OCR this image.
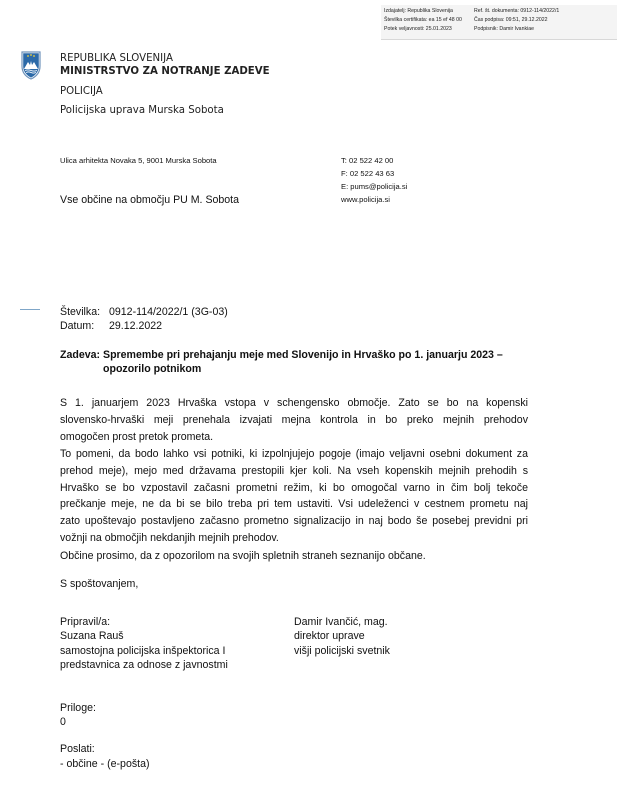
Izdajatelj: Republika Slovenija	Ref. št. dokumenta: 0912-114/2022/1
Številka certifikata: ea 15 ef 48 00 Čas podpisa: 09:51, 29.12.2022
Potek veljavnosti: 25.01.2023	Podpisnik: Damir Ivankiae
REPUBLIKA SLOVENIJA
MINISTRSTVO ZA NOTRANJE ZADEVE
POLICIJA
Policijska uprava Murska Sobota
Ulica arhitekta Novaka 5, 9001 Murska Sobota	T: 02 522 42 00
F: 02 522 43 63
E: pums@policija.si
www.policija.si
Vse občine na območju PU M. Sobota
Številka: 0912-114/2022/1 (3G-03)
Datum: 29.12.2022
Zadeva: Spremembe pri prehajanju meje med Slovenijo in Hrvaško po 1. januarju 2023 –
opozorilo potnikom
S 1. januarjem 2023 Hrvaška vstopa v schengensko območje. Zato se bo na kopenski
slovensko-hrvaški meji prenehala izvajati mejna kontrola in bo preko mejnih prehodov
omogočen prost pretok prometa.
To pomeni, da bodo lahko vsi potniki, ki izpolnjujejo pogoje (imajo veljavni osebni dokument za
prehod meje), mejo med državama prestopili kjer koli. Na vseh kopenskih mejnih prehodih s
Hrvaško se bo vzpostavil začasni prometni režim, ki bo omogočal varno in čim bolj tekoče
prečkanje meje, ne da bi se bilo treba pri tem ustaviti. Vsi udeleženci v cestnem prometu naj
zato upoštevajo postavljeno začasno prometno signalizacijo in naj bodo še posebej previdni pri
vožnji na območjih nekdanjih mejnih prehodov.
Občine prosimo, da z opozorilom na svojih spletnih straneh seznanijo občane.
S spoštovanjem,
Pripravil/a:
Suzana Rauš
samostojna policijska inšpektorica I
predstavnica za odnose z javnostmi
Damir Ivančić, mag.
direktor uprave
višji policijski svetnik
Priloge:
0
Poslati:
- občine - (e-pošta)
